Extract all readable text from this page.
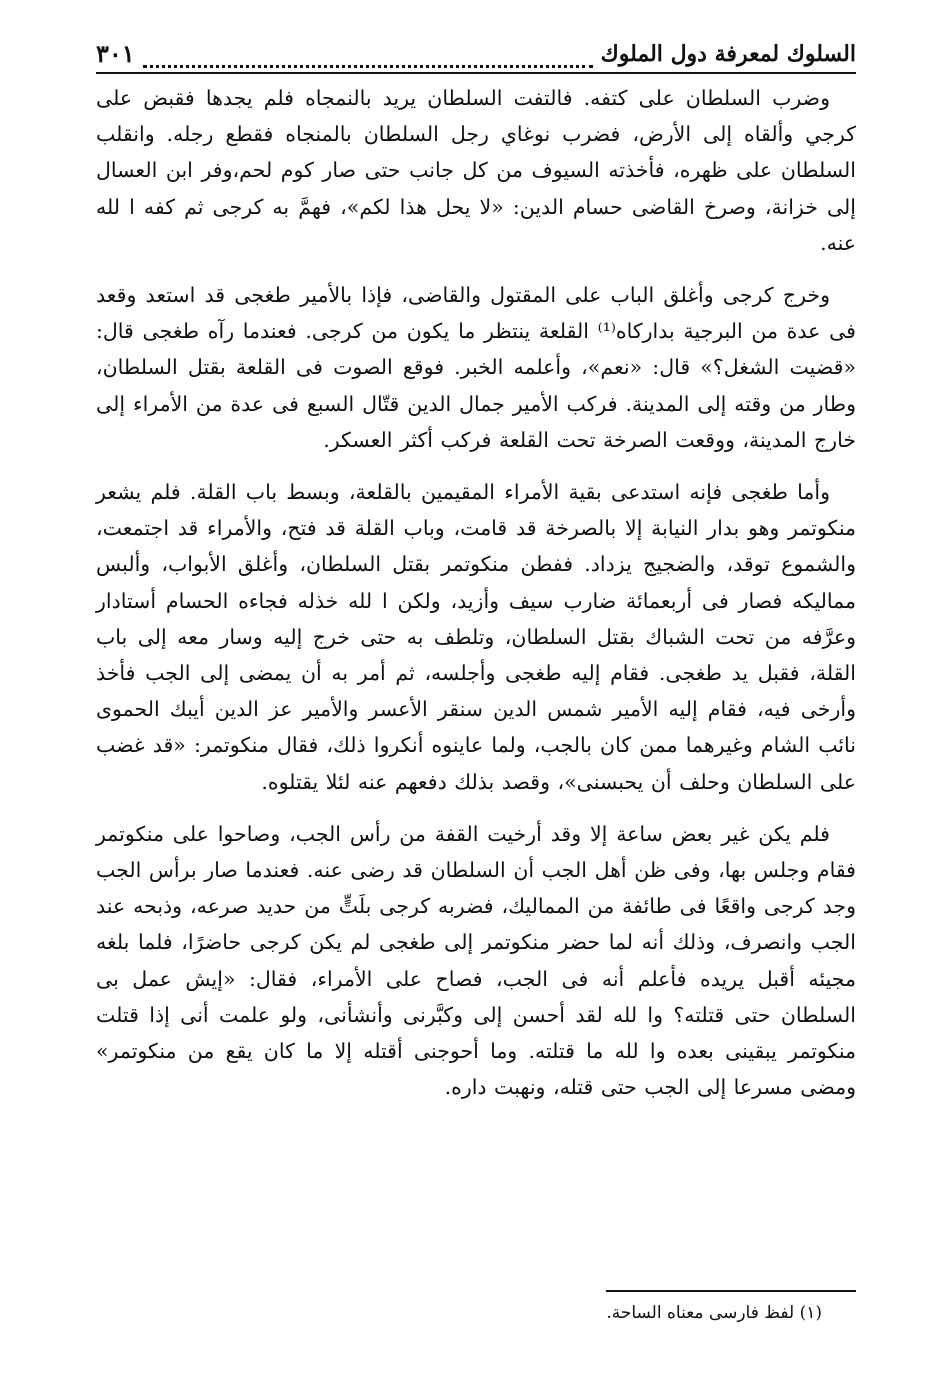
السلوك لمعرفة دول الملوك
٣٠١

وضرب السلطان على كتفه. فالتفت السلطان يريد بالنمجاه فلم يجدها فقبض على كرجي وألقاه إلى الأرض، فضرب نوغاي رجل السلطان بالمنجاه فقطع رجله. وانقلب السلطان على ظهره، فأخذته السيوف من كل جانب حتى صار كوم لحم،وفر ابن العسال إلى خزانة، وصرخ القاضى حسام الدين: «لا يحل هذا لكم»، فهمَّ به كرجى ثم كفه ا لله عنه.

وخرج كرجى وأغلق الباب على المقتول والقاضى، فإذا بالأمير طغجى قد استعد وقعد فى عدة من البرجية بداركاه⁽¹⁾ القلعة ينتظر ما يكون من كرجى. فعندما رآه طغجى قال: «قضيت الشغل؟» قال: «نعم»، وأعلمه الخبر. فوقع الصوت فى القلعة بقتل السلطان، وطار من وقته إلى المدينة. فركب الأمير جمال الدين قتّال السبع فى عدة من الأمراء إلى خارج المدينة، ووقعت الصرخة تحت القلعة فركب أكثر العسكر.

وأما طغجى فإنه استدعى بقية الأمراء المقيمين بالقلعة، وبسط باب القلة. فلم يشعر منكوتمر وهو بدار النيابة إلا بالصرخة قد قامت، وباب القلة قد فتح، والأمراء قد اجتمعت، والشموع توقد، والضجيج يزداد. ففطن منكوتمر بقتل السلطان، وأغلق الأبواب، وألبس مماليكه فصار فى أربعمائة ضارب سيف وأزيد، ولكن ا لله خذله فجاءه الحسام أستادار وعرَّفه من تحت الشباك بقتل السلطان، وتلطف به حتى خرج إليه وسار معه إلى باب القلة، فقبل يد طغجى. فقام إليه طغجى وأجلسه، ثم أمر به أن يمضى إلى الجب فأخذ وأرخى فيه، فقام إليه الأمير شمس الدين سنقر الأعسر والأمير عز الدين أيبك الحموى نائب الشام وغيرهما ممن كان بالجب، ولما عاينوه أنكروا ذلك، فقال منكوتمر: «قد غضب على السلطان وحلف أن يحبسنى»، وقصد بذلك دفعهم عنه لئلا يقتلوه.

فلم يكن غير بعض ساعة إلا وقد أرخيت القفة من رأس الجب، وصاحوا على منكوتمر فقام وجلس بها، وفى ظن أهل الجب أن السلطان قد رضى عنه. فعندما صار برأس الجب وجد كرجى واقعًا فى طائفة من المماليك، فضربه كرجى بلَتٍّ من حديد صرعه، وذبحه عند الجب وانصرف، وذلك أنه لما حضر منكوتمر إلى طغجى لم يكن كرجى حاضرًا، فلما بلغه مجيئه أقبل يريده فأعلم أنه فى الجب، فصاح على الأمراء، فقال: «إيش عمل بى السلطان حتى قتلته؟ وا لله لقد أحسن إلى وكبَّرنى وأنشأنى، ولو علمت أنى إذا قتلت منكوتمر يبقينى بعده وا لله ما قتلته. وما أحوجنى أقتله إلا ما كان يقع من منكوتمر» ومضى مسرعا إلى الجب حتى قتله، ونهبت داره.

(١) لفظ فارسى معناه الساحة.
